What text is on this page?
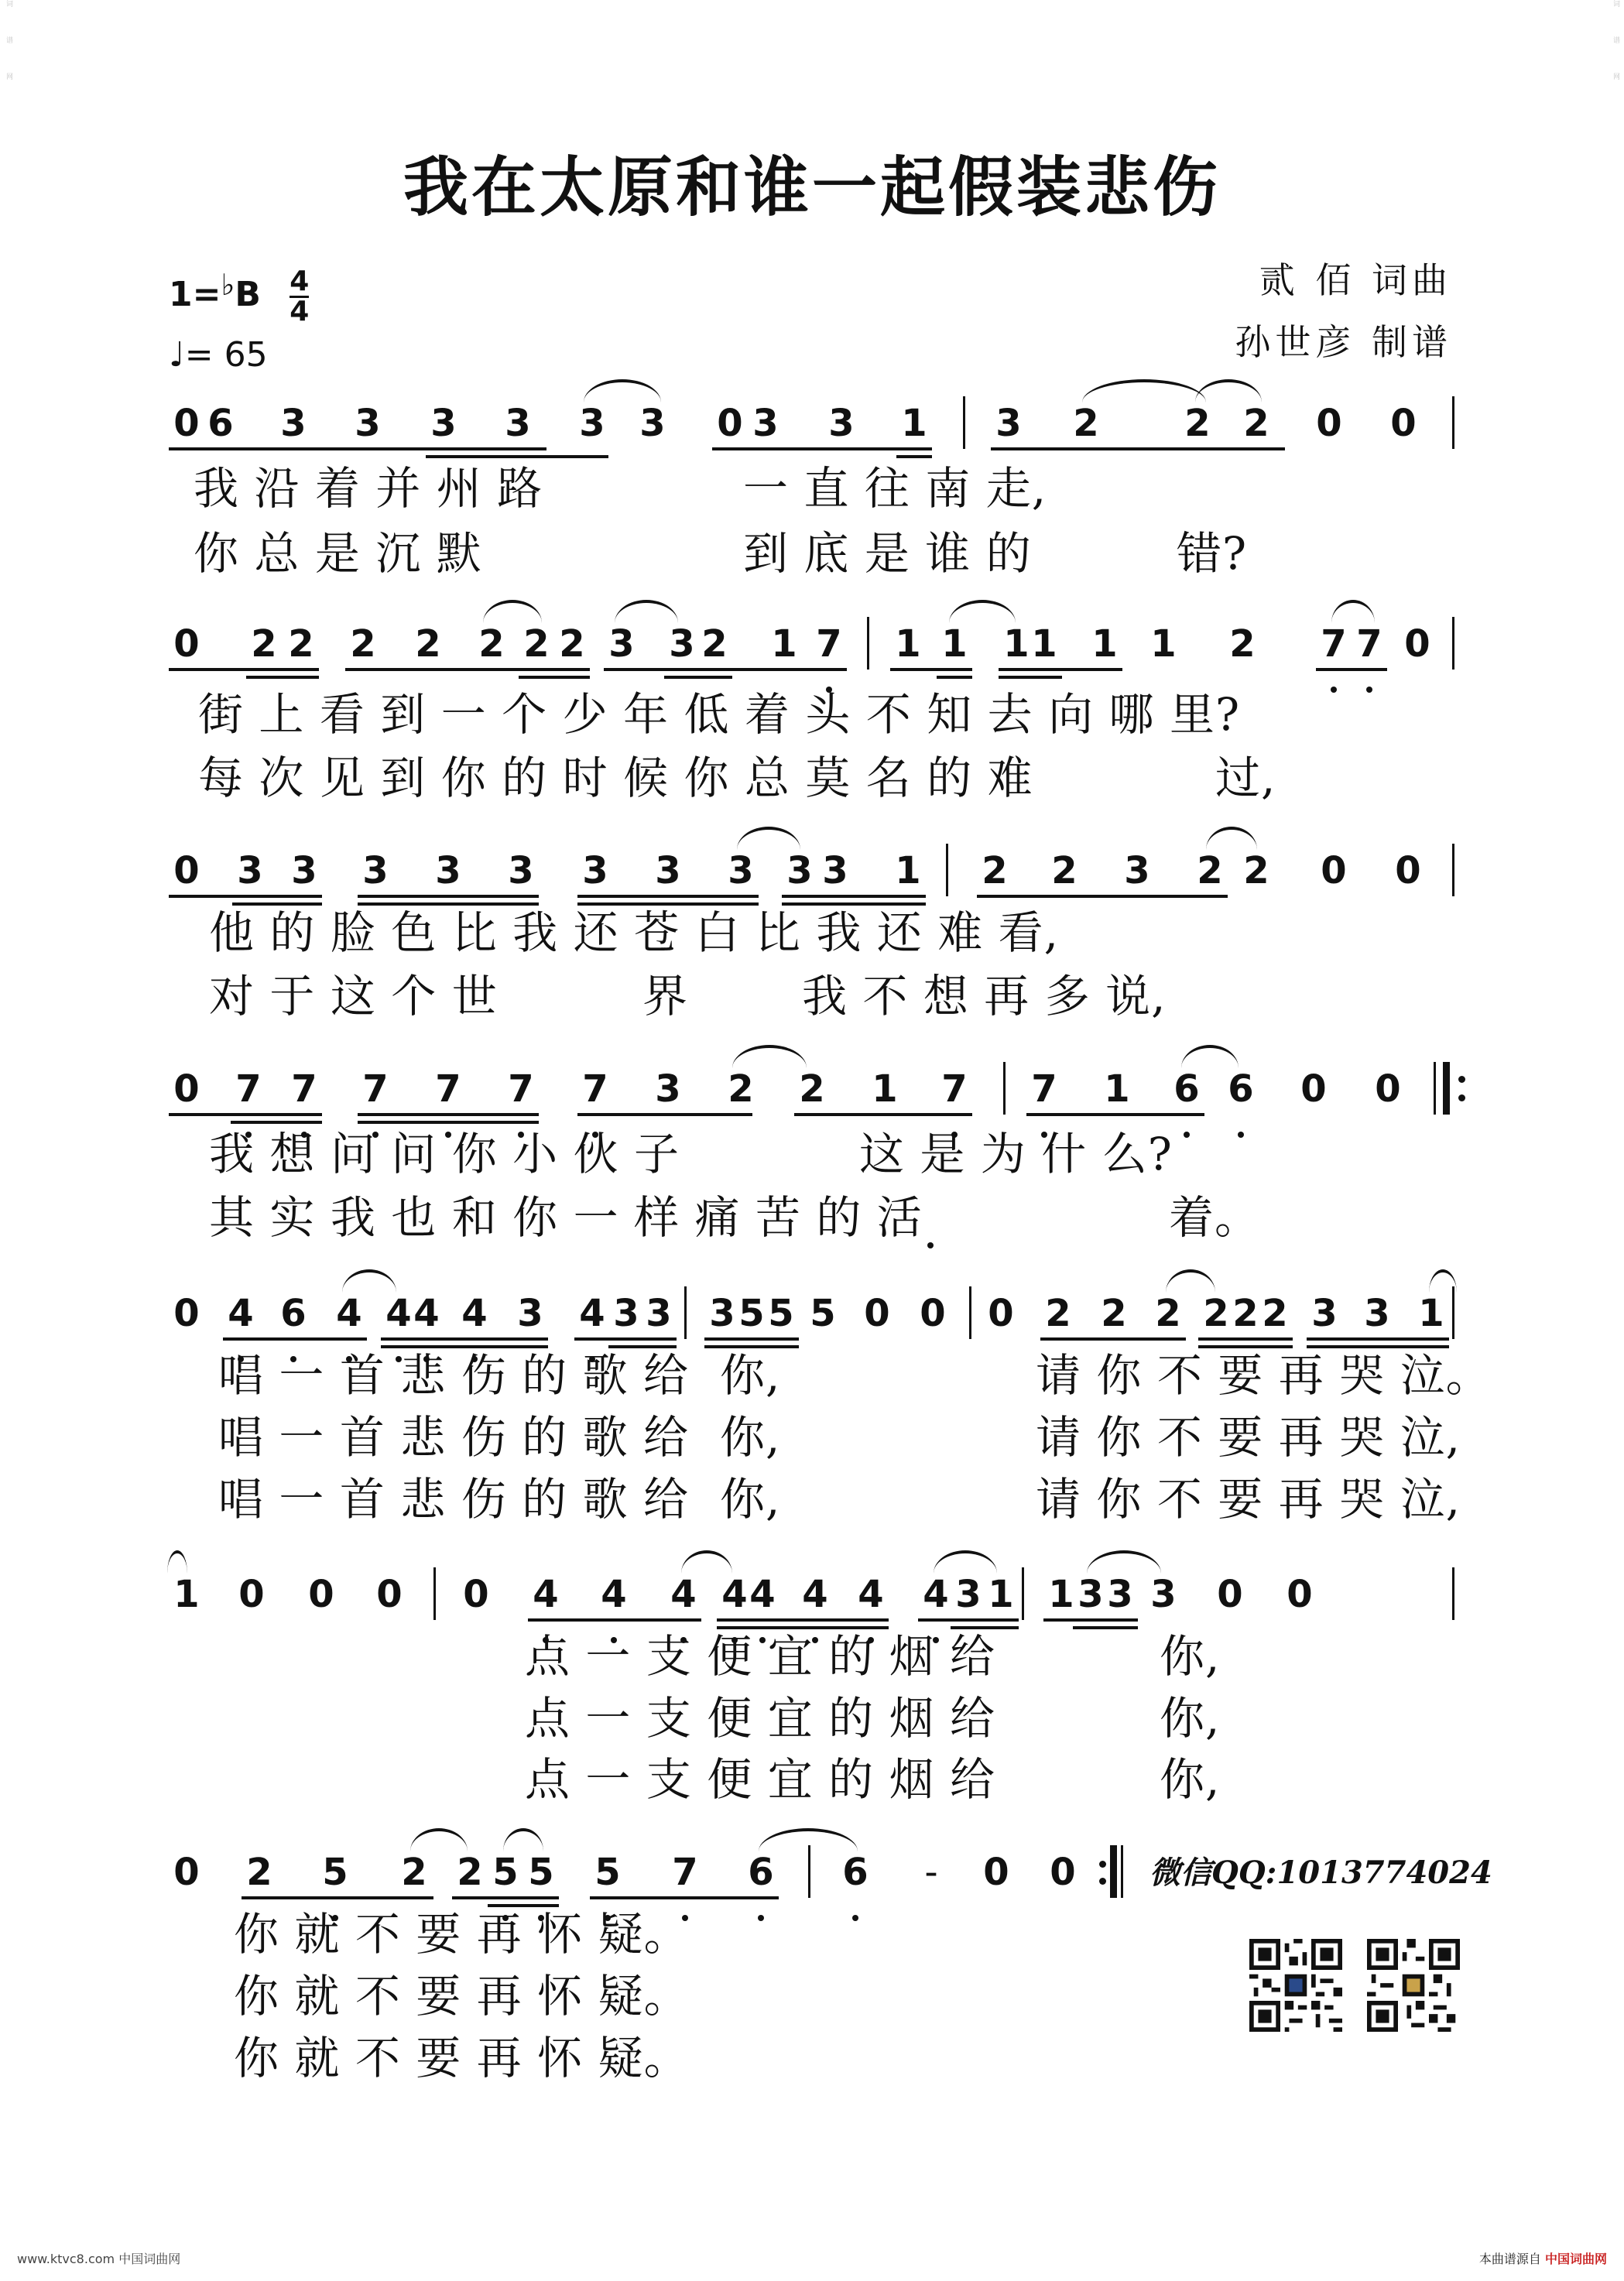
词谱网	词谱网
我在太原和谁一起假装悲伤
1=♭B $\frac{4}{4}$
♩= 65
贰 佰 词曲
孙世彦 制谱
0 6 3 3 3 3 3 3 0 3 3 1 3 2 2 2 0 0
我 沿 着 并 州 路	一 直 往 南 走,
你 总 是 沉 默	到 底 是 谁 的	错?
0 2 2 2 2 2 2 2 3 3 2 1 7 1 1 1 1 1 1 2 7 7 0
街 上 看 到 一 个 少 年 低 着 头 不 知 去 向 哪 里?
每 次 见 到 你 的 时 候 你 总 莫 名 的 难	过,
0 3 3 3 3 3 3 3 3 3 3 1 2 2 3 2 2 0 0
他 的 脸 色 比 我 还 苍 白 比 我 还 难 看,
对 于 这 个 世	界	我 不 想 再 多 说,
0 7 7 7 7 7 7 3 2 2 1 7 7 1 6 6 0 0
我 想 问 问 你 小 伙 子	这 是 为 什 么?
其 实 我 也 和 你 一 样 痛 苦 的 活	着。
0 4 6 4 4 4 4 3 4 3 3 3 5 5 5 0 0 0 2 2 2 2 2 2 3 3 1
唱 一 首 悲 伤 的 歌 给 你,	请 你 不 要 再 哭 泣。
唱 一 首 悲 伤 的 歌 给 你,	请 你 不 要 再 哭 泣,
唱 一 首 悲 伤 的 歌 给 你,	请 你 不 要 再 哭 泣,
1 0 0 0 0 4 4 4 4 4 4 4 4 3 1 1 3 3 3 0 0
点 一 支 便 宜 的 烟 给	你,
点 一 支 便 宜 的 烟 给	你,
点 一 支 便 宜 的 烟 给	你,
0 2 5 2 2 5 5 5 7 6 6 - 0 0 微信QQ:1013774024
你 就 不 要 再 怀 疑。
你 就 不 要 再 怀 疑。
你 就 不 要 再 怀 疑。
www.ktvc8.com 中国词曲网	本曲谱源自 中国词曲网
